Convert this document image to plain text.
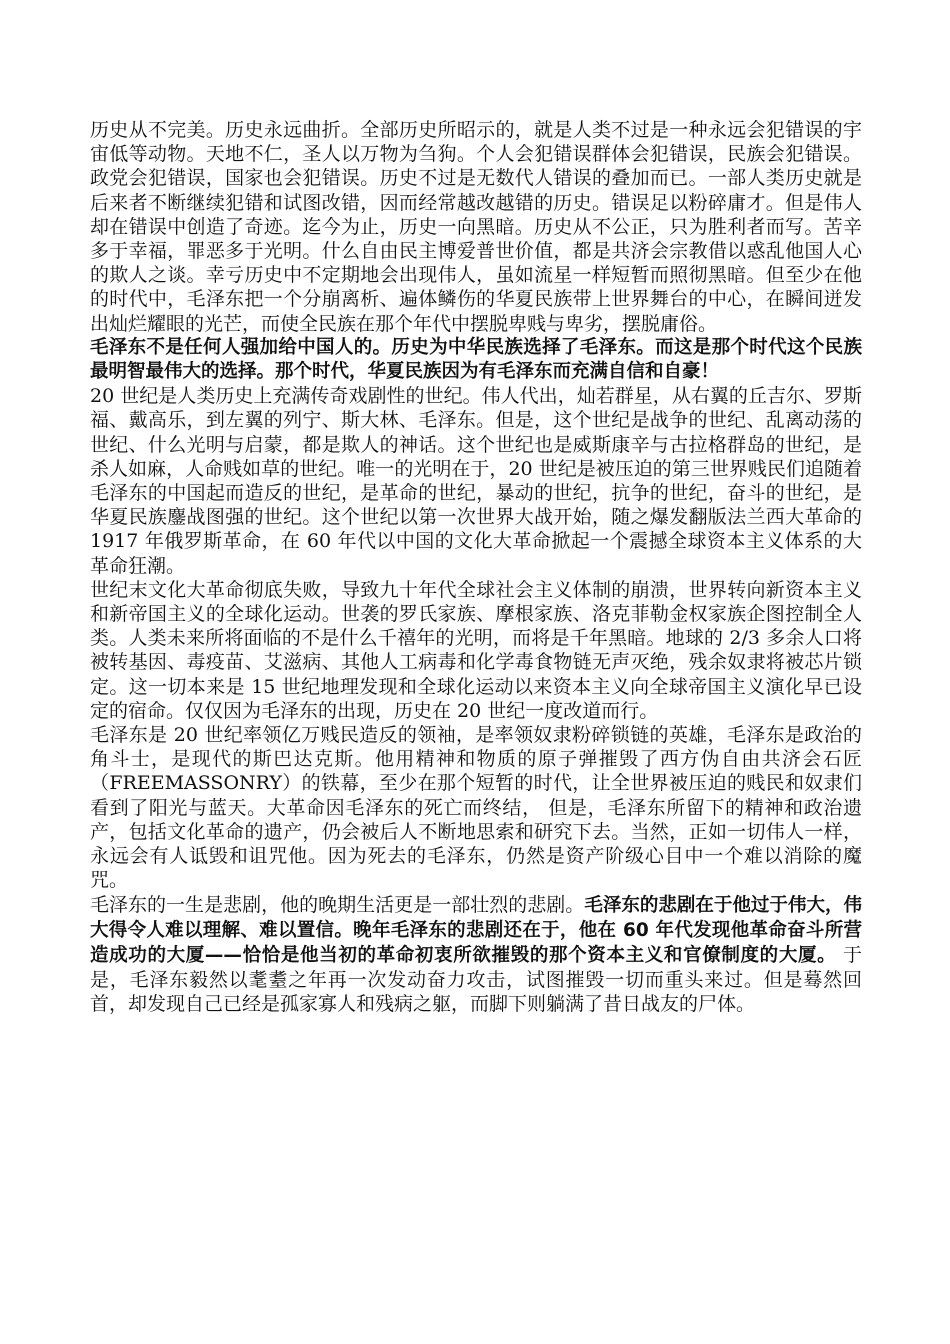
历史从不完美。历史永远曲折。全部历史所昭示的，就是人类不过是一种永远会犯错误的宇宙低等动物。天地不仁，圣人以万物为刍狗。个人会犯错误群体会犯错误，民族会犯错误。政党会犯错误，国家也会犯错误。历史不过是无数代人错误的叠加而已。一部人类历史就是后来者不断继续犯错和试图改错，因而经常越改越错的历史。错误足以粉碎庸才。但是伟人却在错误中创造了奇迹。迄今为止，历史一向黑暗。历史从不公正，只为胜利者而写。苦辛多于幸福，罪恶多于光明。什么自由民主博爱普世价值，都是共济会宗教借以惑乱他国人心的欺人之谈。幸亏历史中不定期地会出现伟人，虽如流星一样短暂而照彻黑暗。但至少在他的时代中，毛泽东把一个分崩离析、遍体鳞伤的华夏民族带上世界舞台的中心，在瞬间迸发出灿烂耀眼的光芒，而使全民族在那个年代中摆脱卑贱与卑劣，摆脱庸俗。

毛泽东不是任何人强加给中国人的。历史为中华民族选择了毛泽东。而这是那个时代这个民族最明智最伟大的选择。那个时代，华夏民族因为有毛泽东而充满自信和自豪！

20 世纪是人类历史上充满传奇戏剧性的世纪。伟人代出，灿若群星，从右翼的丘吉尔、罗斯福、戴高乐，到左翼的列宁、斯大林、毛泽东。但是，这个世纪是战争的世纪、乱离动荡的世纪、什么光明与启蒙，都是欺人的神话。这个世纪也是威斯康辛与古拉格群岛的世纪，是杀人如麻，人命贱如草的世纪。唯一的光明在于，20 世纪是被压迫的第三世界贱民们追随着毛泽东的中国起而造反的世纪，是革命的世纪，暴动的世纪，抗争的世纪，奋斗的世纪，是华夏民族鏖战图强的世纪。这个世纪以第一次世界大战开始，随之爆发翻版法兰西大革命的 1917 年俄罗斯革命，在 60 年代以中国的文化大革命掀起一个震撼全球资本主义体系的大革命狂潮。

世纪末文化大革命彻底失败，导致九十年代全球社会主义体制的崩溃，世界转向新资本主义和新帝国主义的全球化运动。世袭的罗氏家族、摩根家族、洛克菲勒金权家族企图控制全人类。人类未来所将面临的不是什么千禧年的光明，而将是千年黑暗。地球的 2/3 多余人口将被转基因、毒疫苗、艾滋病、其他人工病毒和化学毒食物链无声灭绝，残余奴隶将被芯片锁定。这一切本来是 15 世纪地理发现和全球化运动以来资本主义向全球帝国主义演化早已设定的宿命。仅仅因为毛泽东的出现，历史在 20 世纪一度改道而行。

毛泽东是 20 世纪率领亿万贱民造反的领袖，是率领奴隶粉碎锁链的英雄，毛泽东是政治的角斗士，是现代的斯巴达克斯。他用精神和物质的原子弹摧毁了西方伪自由共济会石匠（FREEMASSONRY）的铁幕，至少在那个短暂的时代，让全世界被压迫的贱民和奴隶们看到了阳光与蓝天。大革命因毛泽东的死亡而终结， 但是，毛泽东所留下的精神和政治遗产，包括文化革命的遗产，仍会被后人不断地思索和研究下去。当然，正如一切伟人一样，永远会有人诋毁和诅咒他。因为死去的毛泽东，仍然是资产阶级心目中一个难以消除的魔咒。

毛泽东的一生是悲剧，他的晚期生活更是一部壮烈的悲剧。毛泽东的悲剧在于他过于伟大，伟大得令人难以理解、难以置信。晚年毛泽东的悲剧还在于，他在 60 年代发现他革命奋斗所营造成功的大厦——恰恰是他当初的革命初衷所欲摧毁的那个资本主义和官僚制度的大厦。 于是，毛泽东毅然以耄耋之年再一次发动奋力攻击，试图摧毁一切而重头来过。但是蓦然回首，却发现自己已经是孤家寡人和残病之躯，而脚下则躺满了昔日战友的尸体。
